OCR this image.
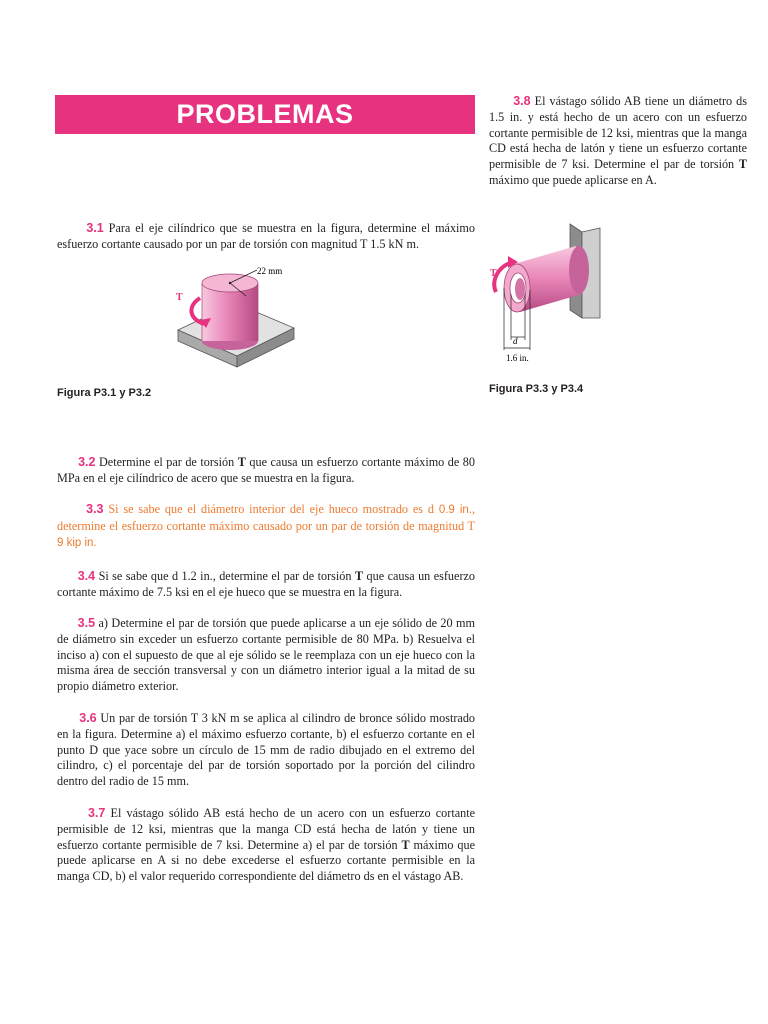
PROBLEMAS	3.8 El vástago sólido AB tiene un diámetro ds 1.5 in. y está hecho de un acero con un esfuerzo cortante permisible de 12 ksi, mientras que la manga CD está hecha de latón y tiene un esfuerzo cortante permisible de 7 ksi. Determine el par de torsión T máximo que puede aplicarse en A.
3.1 Para el eje cilíndrico que se muestra en la figura, determine el máximo esfuerzo cortante causado por un par de torsión con magnitud T 1.5 kN m.
22 mm
T
Figura P3.1 y P3.2
d
1.6 in.
T
Figura P3.3 y P3.4
3.2 Determine el par de torsión T que causa un esfuerzo cortante máximo de 80 MPa en el eje cilíndrico de acero que se muestra en la figura.
3.3 Si se sabe que el diámetro interior del eje hueco mostrado es d 0.9 in., determine el esfuerzo cortante máximo causado por un par de torsión de magnitud T 9 kip in.
3.4 Si se sabe que d 1.2 in., determine el par de torsión T que causa un esfuerzo cortante máximo de 7.5 ksi en el eje hueco que se muestra en la figura.
3.5 a) Determine el par de torsión que puede aplicarse a un eje sólido de 20 mm de diámetro sin exceder un esfuerzo cortante permisible de 80 MPa. b) Resuelva el inciso a) con el supuesto de que al eje sólido se le reemplaza con un eje hueco con la misma área de sección transversal y con un diámetro interior igual a la mitad de su propio diámetro exterior.
3.6 Un par de torsión T 3 kN m se aplica al cilindro de bronce sólido mostrado en la figura. Determine a) el máximo esfuerzo cortante, b) el esfuerzo cortante en el punto D que yace sobre un círculo de 15 mm de radio dibujado en el extremo del cilindro, c) el porcentaje del par de torsión soportado por la porción del cilindro dentro del radio de 15 mm.
3.7 El vástago sólido AB está hecho de un acero con un esfuerzo cortante permisible de 12 ksi, mientras que la manga CD está hecha de latón y tiene un esfuerzo cortante permisible de 7 ksi. Determine a) el par de torsión T máximo que puede aplicarse en A si no debe excederse el esfuerzo cortante permisible en la manga CD, b) el valor requerido correspondiente del diámetro ds en el vástago AB.
